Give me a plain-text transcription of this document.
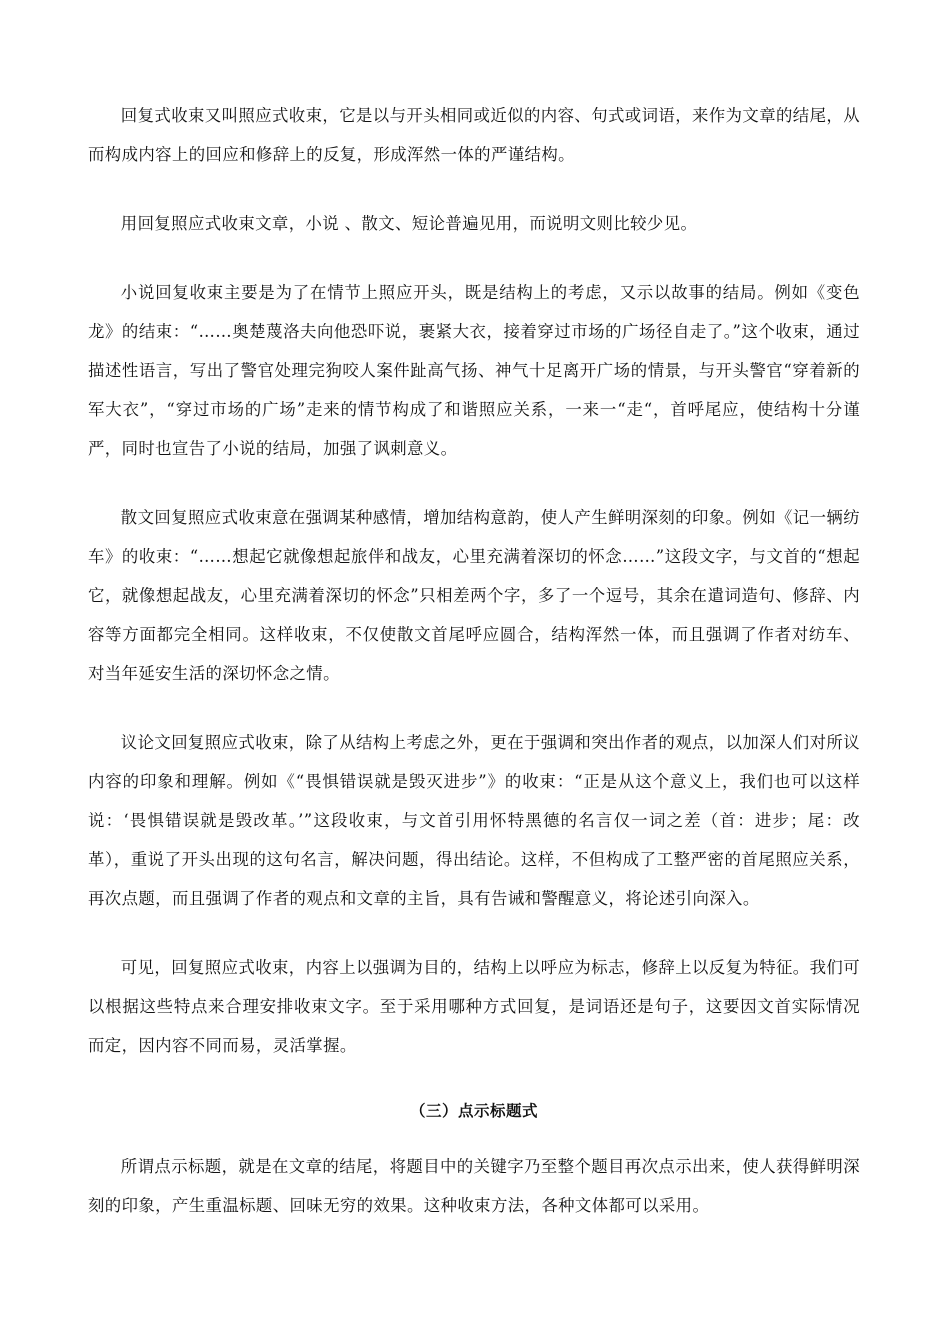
回复式收束又叫照应式收束，它是以与开头相同或近似的内容、句式或词语，来作为文章的结尾，从而构成内容上的回应和修辞上的反复，形成浑然一体的严谨结构。

用回复照应式收束文章，小说 、散文、短论普遍见用，而说明文则比较少见。

小说回复收束主要是为了在情节上照应开头，既是结构上的考虑，又示以故事的结局。例如《变色龙》的结束：“……奥楚蔑洛夫向他恐吓说，裹紧大衣，接着穿过市场的广场径自走了。”这个收束，通过描述性语言，写出了警官处理完狗咬人案件趾高气扬、神气十足离开广场的情景，与开头警官“穿着新的军大衣”，“穿过市场的广场”走来的情节构成了和谐照应关系，一来一“走“，首呼尾应，使结构十分谨严，同时也宣告了小说的结局，加强了讽刺意义。

散文回复照应式收束意在强调某种感情，增加结构意韵，使人产生鲜明深刻的印象。例如《记一辆纺车》的收束：“……想起它就像想起旅伴和战友，心里充满着深切的怀念……”这段文字，与文首的“想起它，就像想起战友，心里充满着深切的怀念”只相差两个字，多了一个逗号，其余在遣词造句、修辞、内容等方面都完全相同。这样收束，不仅使散文首尾呼应圆合，结构浑然一体，而且强调了作者对纺车、对当年延安生活的深切怀念之情。

议论文回复照应式收束，除了从结构上考虑之外，更在于强调和突出作者的观点，以加深人们对所议内容的印象和理解。例如《“畏惧错误就是毁灭进步”》的收束：“正是从这个意义上，我们也可以这样说：‘畏惧错误就是毁改革。’”这段收束，与文首引用怀特黑德的名言仅一词之差（首：进步；尾：改革），重说了开头出现的这句名言，解决问题，得出结论。这样，不但构成了工整严密的首尾照应关系，再次点题，而且强调了作者的观点和文章的主旨，具有告诫和警醒意义，将论述引向深入。

可见，回复照应式收束，内容上以强调为目的，结构上以呼应为标志，修辞上以反复为特征。我们可以根据这些特点来合理安排收束文字。至于采用哪种方式回复，是词语还是句子，这要因文首实际情况而定，因内容不同而易，灵活掌握。

（三）点示标题式

所谓点示标题，就是在文章的结尾，将题目中的关键字乃至整个题目再次点示出来，使人获得鲜明深刻的印象，产生重温标题、回味无穷的效果。这种收束方法，各种文体都可以采用。
